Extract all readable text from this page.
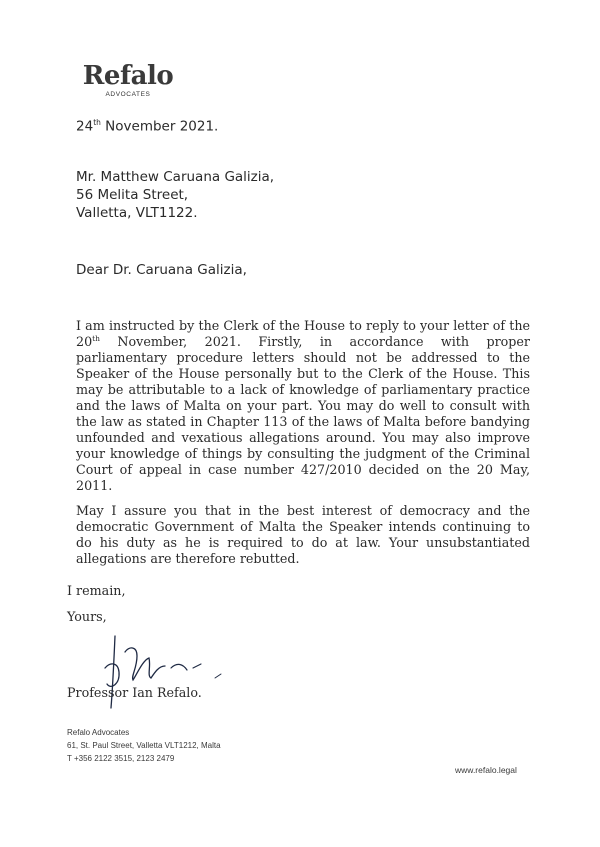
Refalo
ADVOCATES
24th November 2021.
Mr. Matthew Caruana Galizia,
56 Melita Street,
Valletta, VLT1122.
Dear Dr. Caruana Galizia,

I am instructed by the Clerk of the House to reply to your letter of the 20th November, 2021. Firstly, in accordance with proper parliamentary procedure letters should not be addressed to the Speaker of the House personally but to the Clerk of the House. This may be attributable to a lack of knowledge of parliamentary practice and the laws of Malta on your part. You may do well to consult with the law as stated in Chapter 113 of the laws of Malta before bandying unfounded and vexatious allegations around. You may also improve your knowledge of things by consulting the judgment of the Criminal Court of appeal in case number 427/2010 decided on the 20 May, 2011.

May I assure you that in the best interest of democracy and the democratic Government of Malta the Speaker intends continuing to do his duty as he is required to do at law. Your unsubstantiated allegations are therefore rebutted.

I remain,
Yours,
Professor Ian Refalo.
Refalo Advocates
61, St. Paul Street, Valletta VLT1212, Malta
T +356 2122 3515, 2123 2479
www.refalo.legal
